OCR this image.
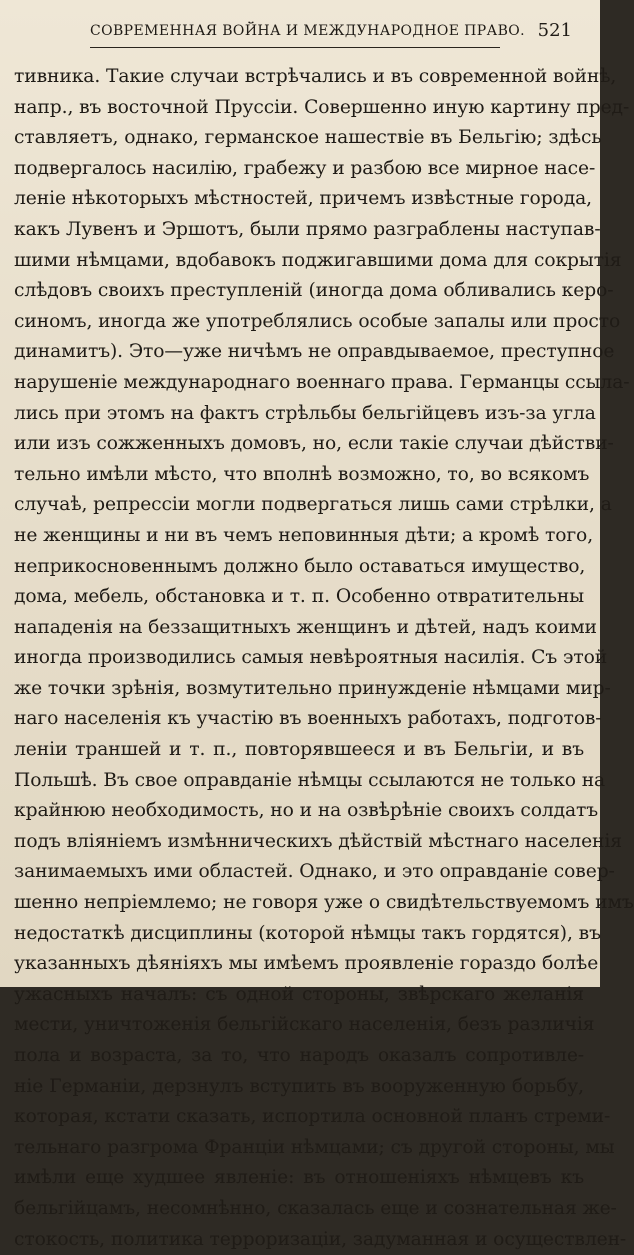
СОВРЕМЕННАЯ ВОЙНА И МЕЖДУНАРОДНОЕ ПРАВО. 521
тивника. Такие случаи встрѣчались и въ современной войнѣ,
напр., въ восточной Пруссіи. Совершенно иную картину пред-
ставляетъ, однако, германское нашествіе въ Бельгію; здѣсь
подвергалось насилію, грабежу и разбою все мирное насе-
леніе нѣкоторыхъ мѣстностей, причемъ извѣстные города,
какъ Лувенъ и Эршотъ, были прямо разграблены наступав-
шими нѣмцами, вдобавокъ поджигавшими дома для сокрытія
слѣдовъ своихъ преступленій (иногда дома обливались керо-
синомъ, иногда же употреблялись особые запалы или просто
динамитъ). Это—уже ничѣмъ не оправдываемое, преступное
нарушеніе международнаго военнаго права. Германцы ссыла-
лись при этомъ на фактъ стрѣльбы бельгійцевъ изъ-за угла
или изъ сожженныхъ домовъ, но, если такіе случаи дѣйстви-
тельно имѣли мѣсто, что вполнѣ возможно, то, во всякомъ
случаѣ, репрессіи могли подвергаться лишь сами стрѣлки, а
не женщины и ни въ чемъ неповинныя дѣти; а кромѣ того,
неприкосновеннымъ должно было оставаться имущество,
дома, мебель, обстановка и т. п. Особенно отвратительны
нападенія на беззащитныхъ женщинъ и дѣтей, надъ коими
иногда производились самыя невѣроятныя насилія. Съ этой
же точки зрѣнія, возмутительно принужденіе нѣмцами мир-
наго населенія къ участію въ военныхъ работахъ, подготов-
леніи траншей и т. п., повторявшееся и въ Бельгіи, и въ
Польшѣ. Въ свое оправданіе нѣмцы ссылаются не только на
крайнюю необходимость, но и на озвѣрѣніе своихъ солдатъ
подъ вліяніемъ измѣнническихъ дѣйствій мѣстнаго населенія
занимаемыхъ ими областей. Однако, и это оправданіе совер-
шенно непріемлемо; не говоря уже о свидѣтельствуемомъ имъ
недостаткѣ дисциплины (которой нѣмцы такъ гордятся), въ
указанныхъ дѣяніяхъ мы имѣемъ проявленіе гораздо болѣе
ужасныхъ началъ: съ одной стороны, звѣрскаго желанія
мести, уничтоженія бельгійскаго населенія, безъ различія
пола и возраста, за то, что народъ оказалъ сопротивле-
ніе Германіи, дерзнулъ вступить въ вооруженную борьбу,
которая, кстати сказать, испортила основной планъ стреми-
тельнаго разгрома Франціи нѣмцами; съ другой стороны, мы
имѣли еще худшее явленіе: въ отношеніяхъ нѣмцевъ къ
бельгійцамъ, несомнѣнно, сказалась еще и сознательная жe-
стокость, политика терроризаціи, задуманная и осуществлен-
